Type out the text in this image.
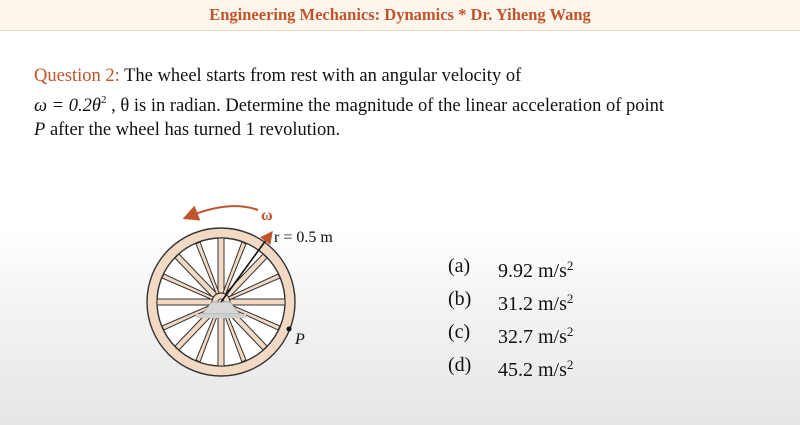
Engineering Mechanics: Dynamics * Dr. Yiheng Wang
Question 2: The wheel starts from rest with an angular velocity of
$\omega = 0.2\theta^2$ , θ is in radian. Determine the magnitude of the linear acceleration of point
P after the wheel has turned 1 revolution.
ω
r = 0.5 m
P
(a)	9.92 $m/s^2$
(b)	31.2 $m/s^2$
(c)	32.7 $m/s^2$
(d)	45.2 $m/s^2$
